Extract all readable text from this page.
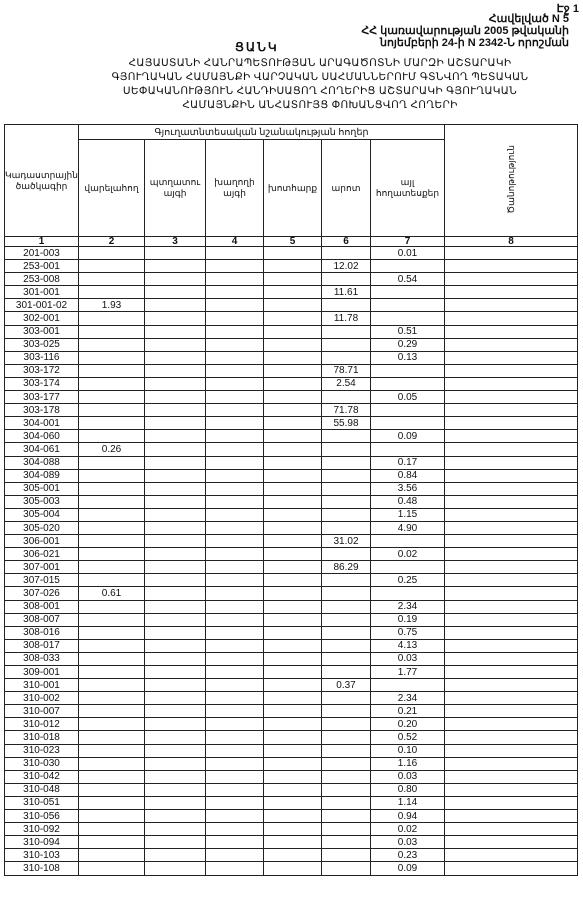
Էջ 1
Հավելված N 5
ՀՀ կառավարության 2005 թվականի
նոյեմբերի 24-ի N 2342-Ն որոշման
ՑԱՆԿ
ՀԱՅԱՍՏԱՆԻ ՀԱՆՐԱՊԵՏՈՒԹՅԱՆ ԱՐԱԳԱԾՈՏՆԻ ՄԱՐԶԻ ԱՇՏԱՐԱԿԻ
ԳՅՈՒՂԱԿԱՆ ՀԱՄԱՅՆՔԻ ՎԱՐՉԱԿԱՆ ՍԱՀՄԱՆՆԵՐՈՒՄ ԳՏՆՎՈՂ ՊԵՏԱԿԱՆ
ՍԵՓԱԿԱՆՈՒԹՅՈՒՆ ՀԱՆԴԻՍԱՑՈՂ ՀՈՂԵՐԻՑ ԱՇՏԱՐԱԿԻ ԳՅՈՒՂԱԿԱՆ
ՀԱՄԱՅՆՔԻՆ ԱՆՀԱՏՈՒՅՑ ՓՈԽԱՆՑՎՈՂ ՀՈՂԵՐԻ
Կադաստրային ծածկագիր	Գյուղատնտեսական նշանակության հողեր						Ծանոթություն
	վարելահող	պտղատու այգի	խաղողի այգի	խոտհարք	արոտ	այլ հողատեսքեր	
1	2	3	4	5	6	7	8
201-003						0.01	
253-001					12.02		
253-008						0.54	
301-001					11.61		
301-001-02	1.93						
302-001					11.78		
303-001						0.51	
303-025						0.29	
303-116						0.13	
303-172					78.71		
303-174					2.54		
303-177						0.05	
303-178					71.78		
304-001					55.98		
304-060						0.09	
304-061	0.26						
304-088						0.17	
304-089						0.84	
305-001						3.56	
305-003						0.48	
305-004						1.15	
305-020						4.90	
306-001					31.02		
306-021						0.02	
307-001					86.29		
307-015						0.25	
307-026	0.61						
308-001						2.34	
308-007						0.19	
308-016						0.75	
308-017						4.13	
308-033						0.03	
309-001						1.77	
310-001					0.37		
310-002						2.34	
310-007						0.21	
310-012						0.20	
310-018						0.52	
310-023						0.10	
310-030						1.16	
310-042						0.03	
310-048						0.80	
310-051						1.14	
310-056						0.94	
310-092						0.02	
310-094						0.03	
310-103						0.23	
310-108						0.09	
